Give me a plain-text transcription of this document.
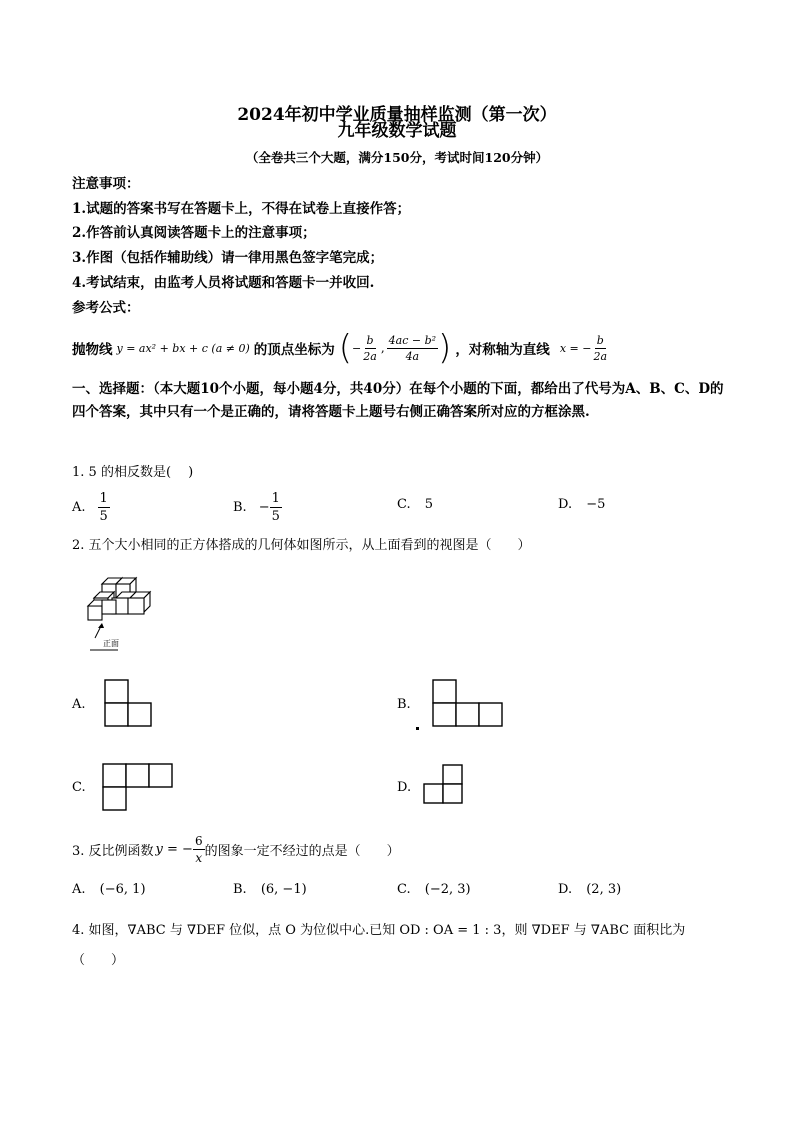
2024年初中学业质量抽样监测（第一次）
九年级数学试题
（全卷共三个大题，满分150分，考试时间120分钟）
注意事项：
1.试题的答案书写在答题卡上，不得在试卷上直接作答；
2.作答前认真阅读答题卡上的注意事项；
3.作图（包括作辅助线）请一律用黑色签字笔完成；
4.考试结束，由监考人员将试题和答题卡一并收回.
参考公式：
抛物线 y = ax² + bx + c (a ≠ 0) 的顶点坐标为 ( − $\frac{b}{2a}$ , $\frac{\text{4ac − b²}}{4a}$ ) ，对称轴为直线 x = − $\frac{b}{2a}$
一、选择题：（本大题10个小题，每小题4分，共40分）在每个小题的下面，都给出了代号为A、B、C、D的四个答案，其中只有一个是正确的，请将答题卡上题号右侧正确答案所对应的方框涂黑.
1. 5 的相反数是(　 )
A. $\frac{1}{5}$	B. − $\frac{1}{5}$	C. 5	D. −5
2. 五个大小相同的正方体搭成的几何体如图所示，从上面看到的视图是（　　）
正面
A.	B.
C.	D.
3. 反比例函数 y = − $\frac{6}{x}$ 的图象一定不经过的点是（　　）
A. (−6, 1)	B. (6, −1)	C. (−2, 3)	D. (2, 3)
4. 如图，∇ABC 与 ∇DEF 位似，点 O 为位似中心.已知 OD : OA = 1 : 3，则 ∇DEF 与 ∇ABC 面积比为
（　　）
